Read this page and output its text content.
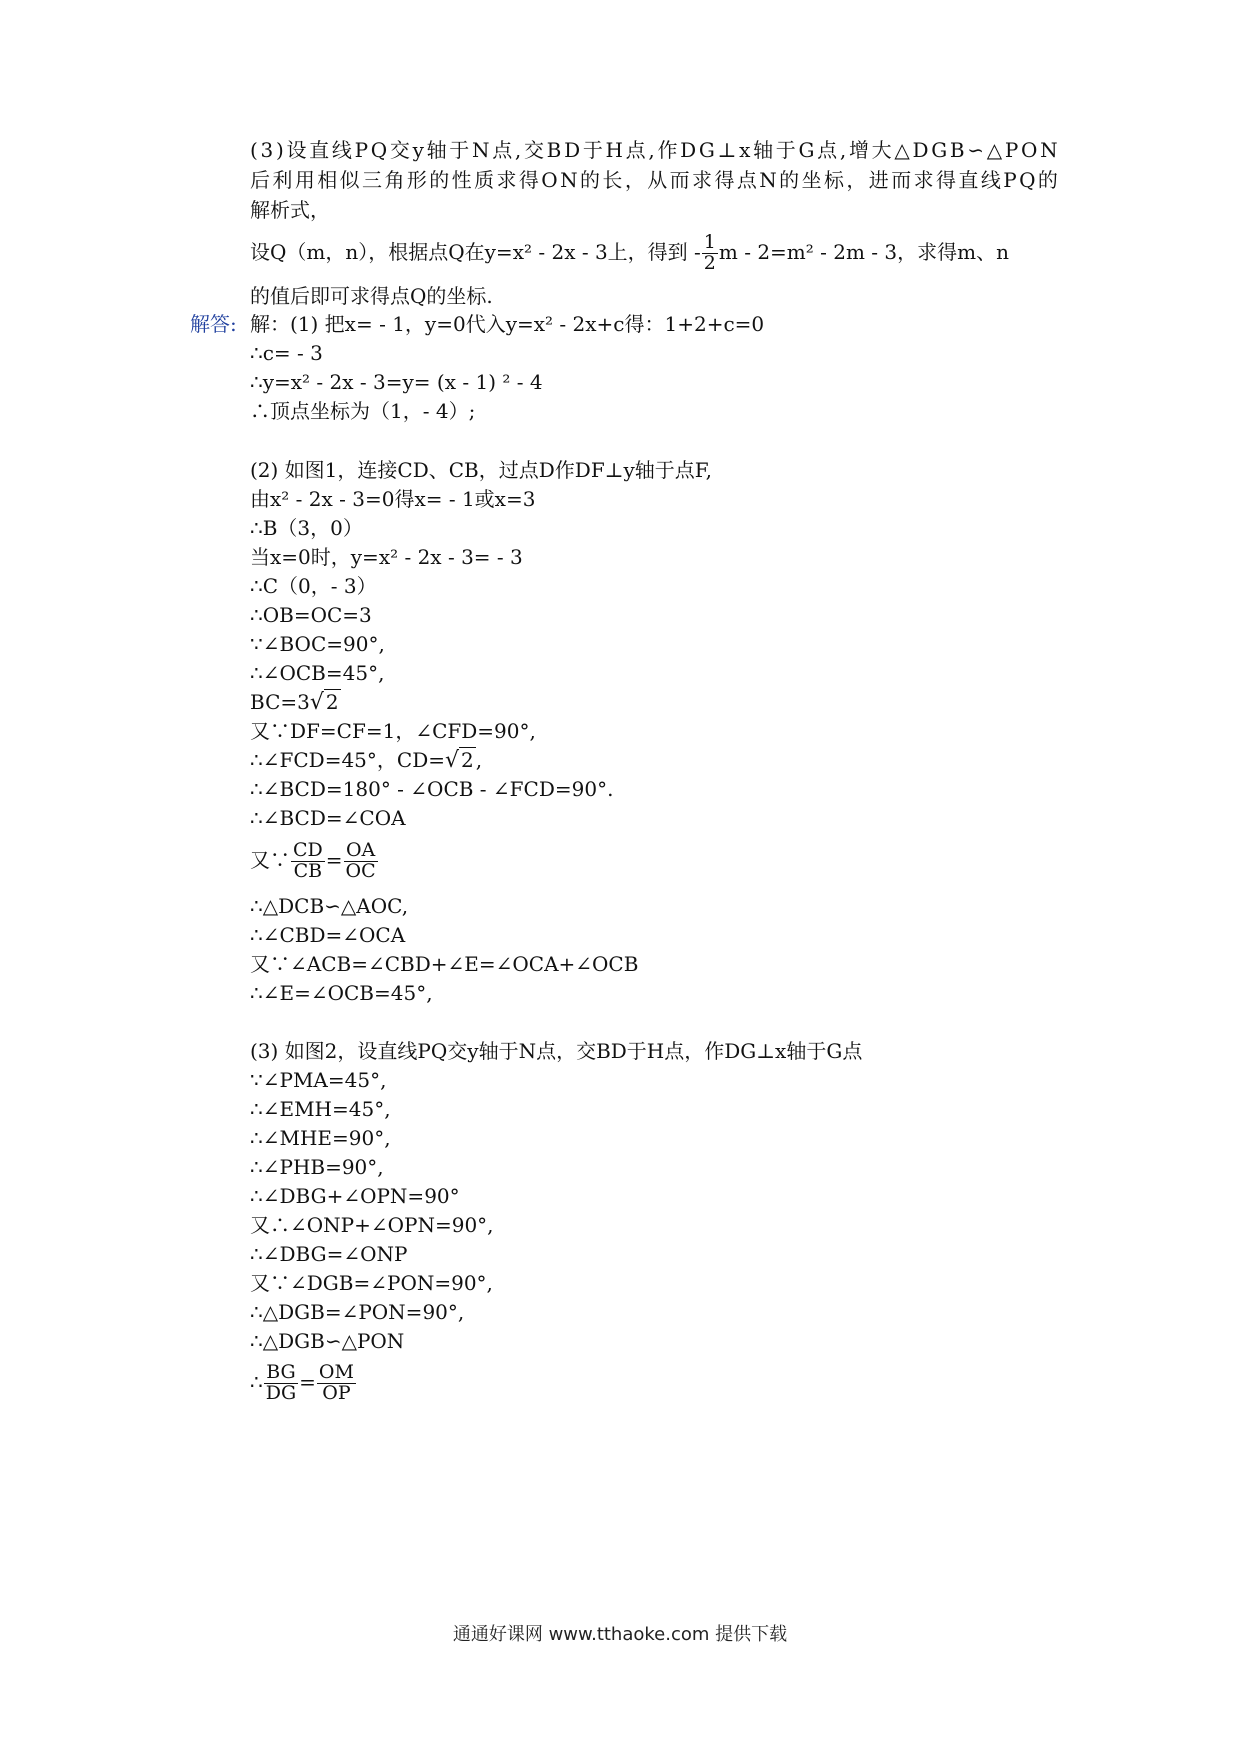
( 3 ) 设 直 线 P Q 交 y 轴 于 N 点 , 交 B D 于 H 点 , 作 D G ⊥ x 轴 于 G 点 , 增 大 △ D G B ∽ △ P O N
后 利 用 相 似 三 角 形 的 性 质 求 得 O N 的 长 ， 从 而 求 得 点 N 的 坐 标 ， 进 而 求 得 直 线 P Q 的
解析式，
设Q（m，n），根据点Q在y=x² - 2x - 3上，得到 - $\frac{1}{2}$ m - 2=m² - 2m - 3，求得m、n
的值后即可求得点Q的坐标.
解答: 解：(1) 把x= - 1，y=0代入y=x² - 2x+c得：1+2+c=0
∴c= - 3
∴y=x² - 2x - 3=y= (x - 1) ² - 4
∴顶点坐标为（1，- 4）;
(2) 如图1，连接CD、CB，过点D作DF⊥y轴于点F,
由x² - 2x - 3=0得x= - 1或x=3
∴B（3，0）
当x=0时，y=x² - 2x - 3= - 3
∴C（0，- 3）
∴OB=OC=3
∵∠BOC=90°,
∴∠OCB=45°,
BC=3√ 2
又∵DF=CF=1，∠CFD=90°,
∴∠FCD=45°，CD=√ 2 ,
∴∠BCD=180° - ∠OCB - ∠FCD=90°.
∴∠BCD=∠COA
又∵ $\frac{CD}{CB} = \frac{OA}{OC}$
∴△DCB∽△AOC,
∴∠CBD=∠OCA
又∵∠ACB=∠CBD+∠E=∠OCA+∠OCB
∴∠E=∠OCB=45°,
(3) 如图2，设直线PQ交y轴于N点，交BD于H点，作DG⊥x轴于G点
∵∠PMA=45°,
∴∠EMH=45°,
∴∠MHE=90°,
∴∠PHB=90°,
∴∠DBG+∠OPN=90°
又∴∠ONP+∠OPN=90°,
∴∠DBG=∠ONP
又∵∠DGB=∠PON=90°,
∴△DGB=∠PON=90°,
∴△DGB∽△PON
∴ $\frac{BG}{DG} = \frac{OM}{OP}$
通通好课网 www.tthaoke.com 提供下载
